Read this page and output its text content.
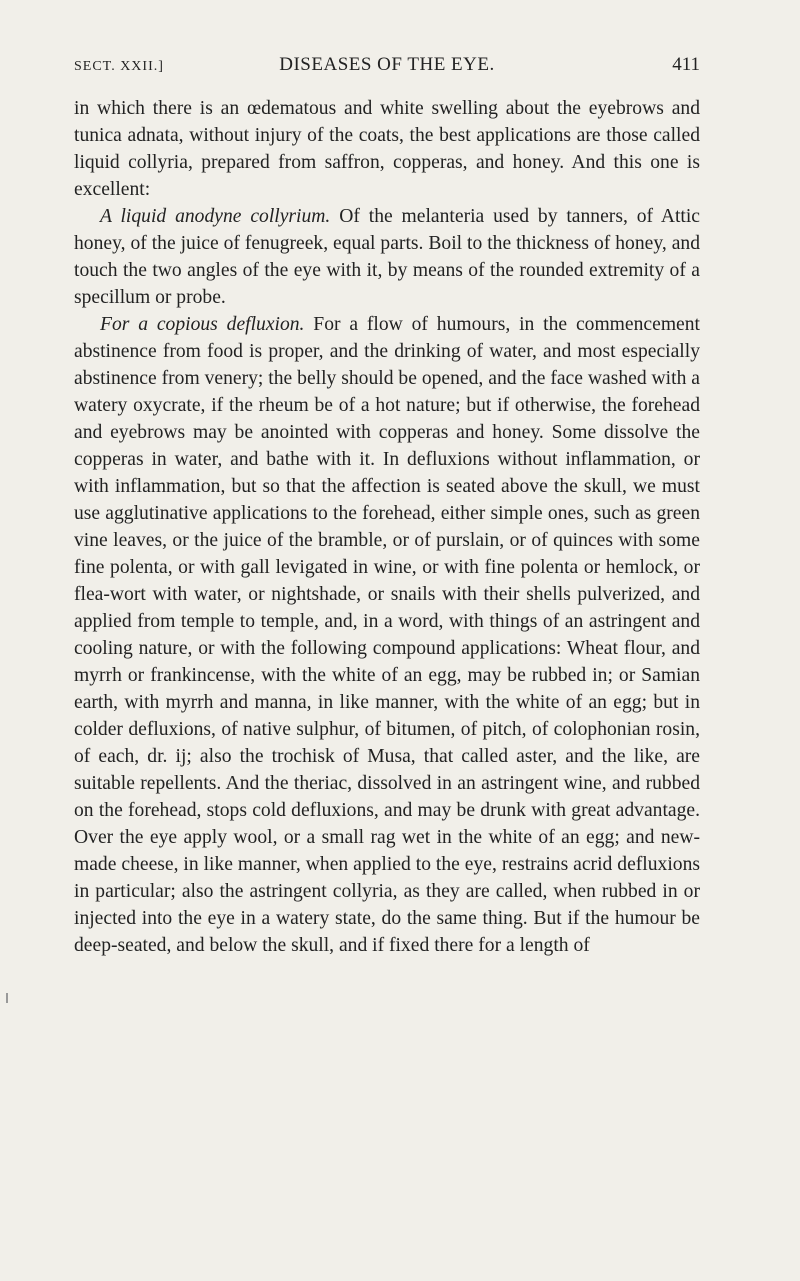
SECT. XXII.]	DISEASES OF THE EYE.	411

in which there is an œdematous and white swelling about the eyebrows and tunica adnata, without injury of the coats, the best applications are those called liquid collyria, prepared from saffron, copperas, and honey. And this one is excellent:

A liquid anodyne collyrium. Of the melanteria used by tanners, of Attic honey, of the juice of fenugreek, equal parts. Boil to the thickness of honey, and touch the two angles of the eye with it, by means of the rounded extremity of a specillum or probe.

For a copious defluxion. For a flow of humours, in the commencement abstinence from food is proper, and the drinking of water, and most especially abstinence from venery; the belly should be opened, and the face washed with a watery oxycrate, if the rheum be of a hot nature; but if otherwise, the forehead and eyebrows may be anointed with copperas and honey. Some dissolve the copperas in water, and bathe with it. In defluxions without inflammation, or with inflammation, but so that the affection is seated above the skull, we must use agglutinative applications to the forehead, either simple ones, such as green vine leaves, or the juice of the bramble, or of purslain, or of quinces with some fine polenta, or with gall levigated in wine, or with fine polenta or hemlock, or flea-wort with water, or nightshade, or snails with their shells pulverized, and applied from temple to temple, and, in a word, with things of an astringent and cooling nature, or with the following compound applications: Wheat flour, and myrrh or frankincense, with the white of an egg, may be rubbed in; or Samian earth, with myrrh and manna, in like manner, with the white of an egg; but in colder defluxions, of native sulphur, of bitumen, of pitch, of colophonian rosin, of each, dr. ij; also the trochisk of Musa, that called aster, and the like, are suitable repellents. And the theriac, dissolved in an astringent wine, and rubbed on the forehead, stops cold defluxions, and may be drunk with great advantage. Over the eye apply wool, or a small rag wet in the white of an egg; and new-made cheese, in like manner, when applied to the eye, restrains acrid defluxions in particular; also the astringent collyria, as they are called, when rubbed in or injected into the eye in a watery state, do the same thing. But if the humour be deep-seated, and below the skull, and if fixed there for a length of
